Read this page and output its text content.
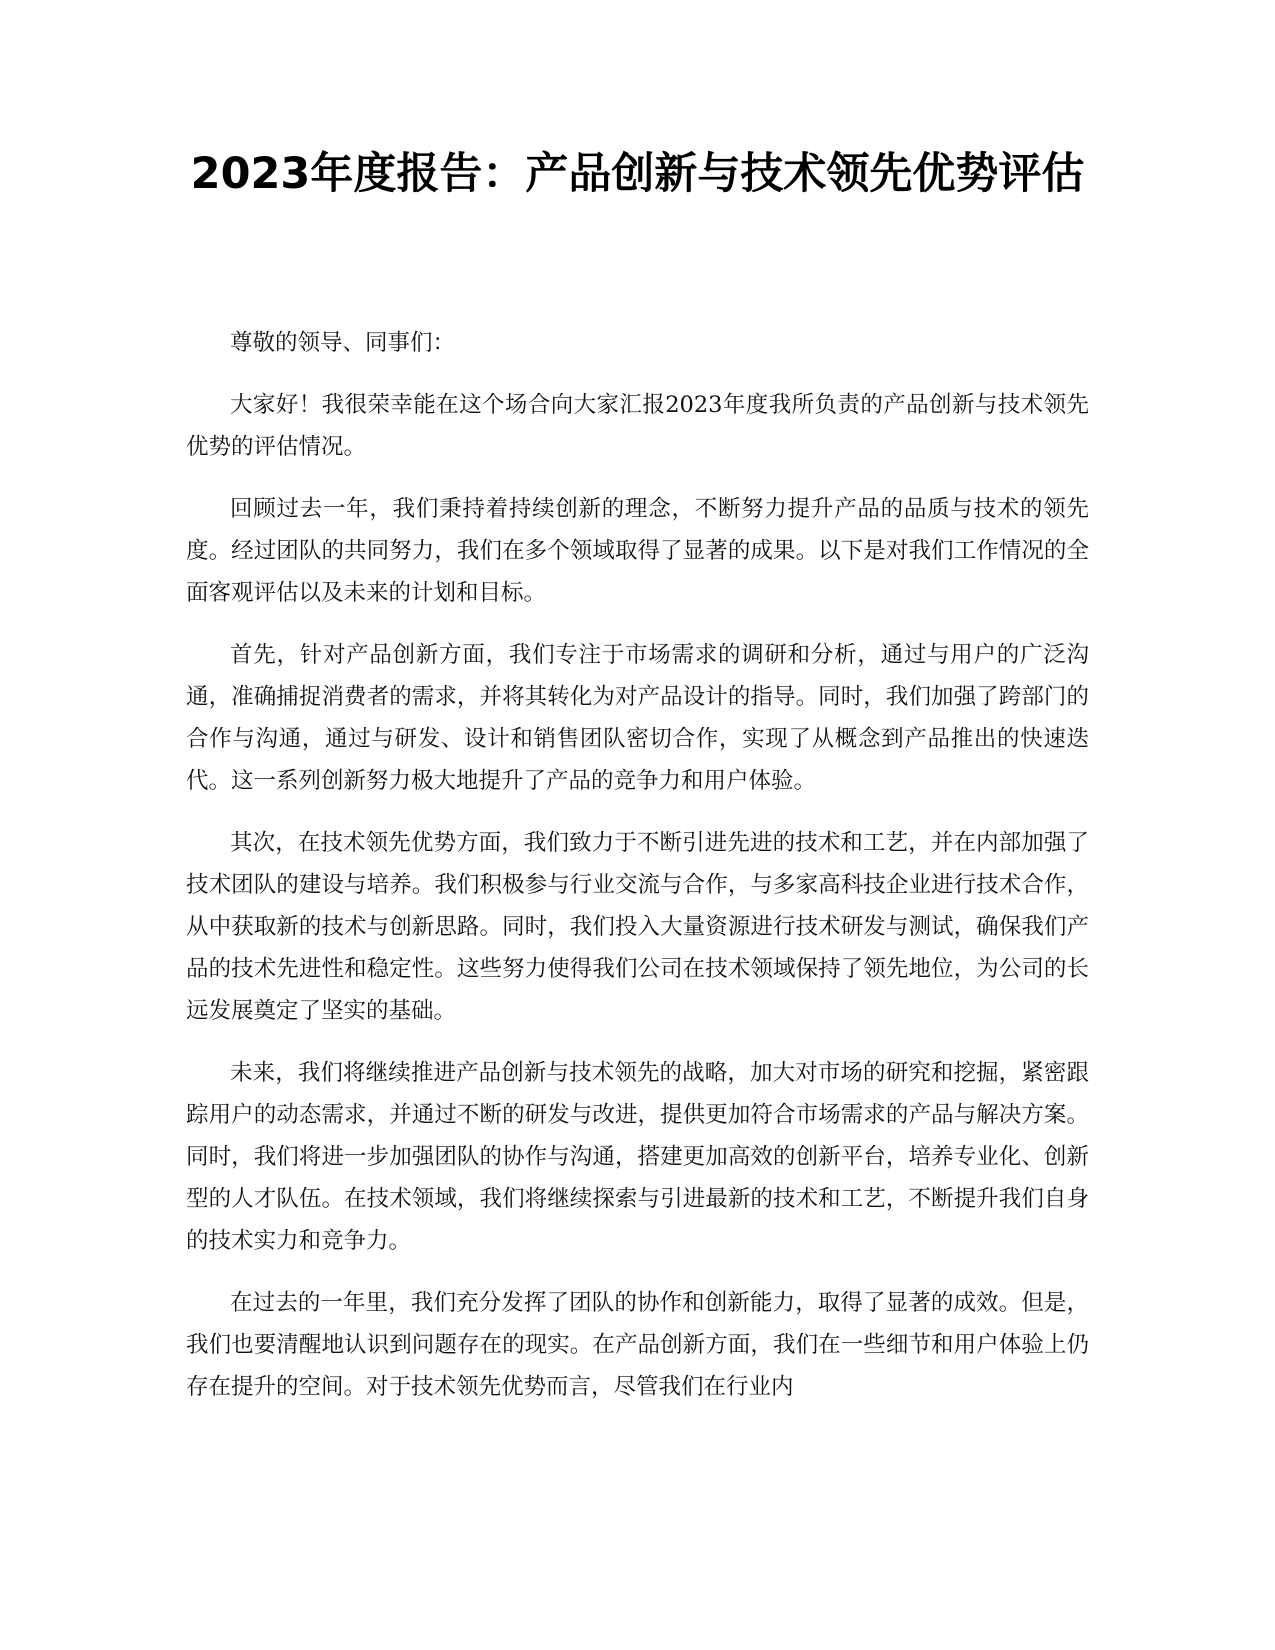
2023年度报告：产品创新与技术领先优势评估

尊敬的领导、同事们：

大家好！我很荣幸能在这个场合向大家汇报2023年度我所负责的产品创新与技术领先优势的评估情况。

回顾过去一年，我们秉持着持续创新的理念，不断努力提升产品的品质与技术的领先度。经过团队的共同努力，我们在多个领域取得了显著的成果。以下是对我们工作情况的全面客观评估以及未来的计划和目标。

首先，针对产品创新方面，我们专注于市场需求的调研和分析，通过与用户的广泛沟通，准确捕捉消费者的需求，并将其转化为对产品设计的指导。同时，我们加强了跨部门的合作与沟通，通过与研发、设计和销售团队密切合作，实现了从概念到产品推出的快速迭代。这一系列创新努力极大地提升了产品的竞争力和用户体验。

其次，在技术领先优势方面，我们致力于不断引进先进的技术和工艺，并在内部加强了技术团队的建设与培养。我们积极参与行业交流与合作，与多家高科技企业进行技术合作，从中获取新的技术与创新思路。同时，我们投入大量资源进行技术研发与测试，确保我们产品的技术先进性和稳定性。这些努力使得我们公司在技术领域保持了领先地位，为公司的长远发展奠定了坚实的基础。

未来，我们将继续推进产品创新与技术领先的战略，加大对市场的研究和挖掘，紧密跟踪用户的动态需求，并通过不断的研发与改进，提供更加符合市场需求的产品与解决方案。同时，我们将进一步加强团队的协作与沟通，搭建更加高效的创新平台，培养专业化、创新型的人才队伍。在技术领域，我们将继续探索与引进最新的技术和工艺，不断提升我们自身的技术实力和竞争力。

在过去的一年里，我们充分发挥了团队的协作和创新能力，取得了显著的成效。但是，我们也要清醒地认识到问题存在的现实。在产品创新方面，我们在一些细节和用户体验上仍存在提升的空间。对于技术领先优势而言，尽管我们在行业内
